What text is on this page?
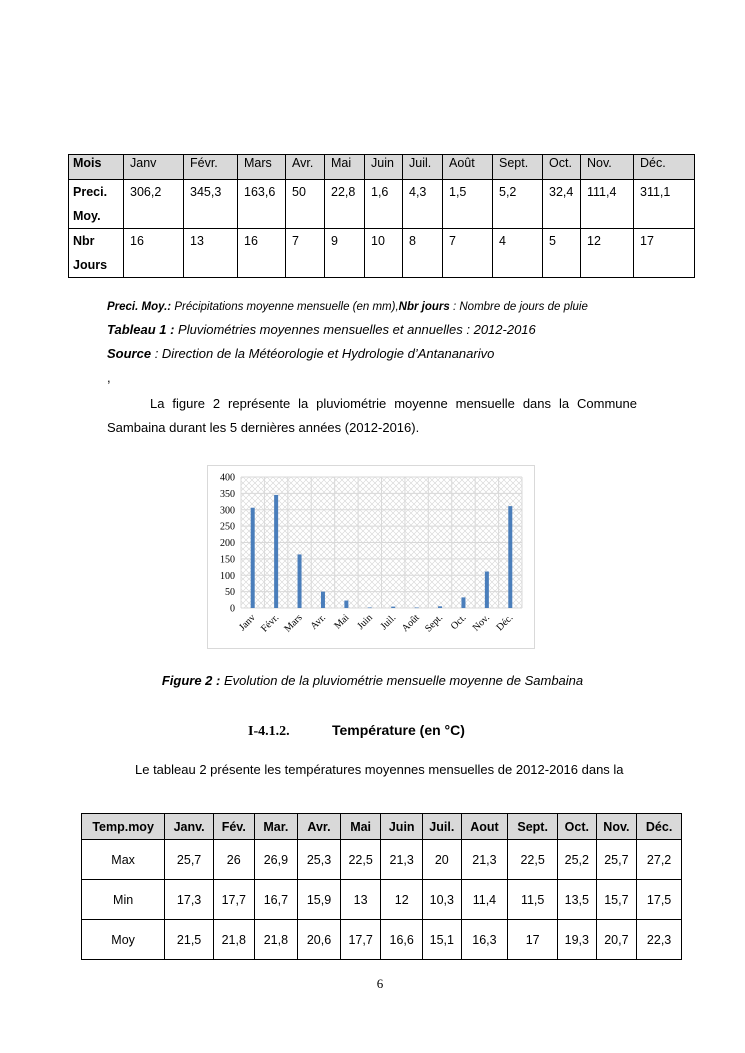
Mois	Janv	Févr.	Mars	Avr.	Mai	Juin	Juil.	Août	Sept.	Oct.	Nov.	Déc.
Preci.
Moy.	306,2	345,3	163,6	50	22,8	1,6	4,3	1,5	5,2	32,4	111,4	311,1
Nbr
Jours	16	13	16	7	9	10	8	7	4	5	12	17
Preci. Moy.: Précipitations moyenne mensuelle (en mm),Nbr jours : Nombre de jours de pluie
Tableau 1 : Pluviométries moyennes mensuelles et annuelles : 2012-2016
Source : Direction de la Météorologie et Hydrologie d’Antananarivo
,
La figure 2 représente la pluviométrie moyenne mensuelle dans la Commune Sambaina durant les 5 dernières années (2012-2016).
0
50
100
150
200
250
300
350
400
Janv Févr. Mars Avr. Mai Juin Juil. Août Sept. Oct. Nov. Déc.
Figure 2 : Evolution de la pluviométrie mensuelle moyenne de Sambaina
I-4.1.2.	Température (en °C)
Le tableau 2 présente les températures moyennes mensuelles de 2012-2016 dans la
Temp.moy	Janv.	Fév.	Mar.	Avr.	Mai	Juin	Juil.	Aout	Sept.	Oct.	Nov.	Déc.
Max	25,7	26	26,9	25,3	22,5	21,3	20	21,3	22,5	25,2	25,7	27,2
Min	17,3	17,7	16,7	15,9	13	12	10,3	11,4	11,5	13,5	15,7	17,5
Moy	21,5	21,8	21,8	20,6	17,7	16,6	15,1	16,3	17	19,3	20,7	22,3
6
